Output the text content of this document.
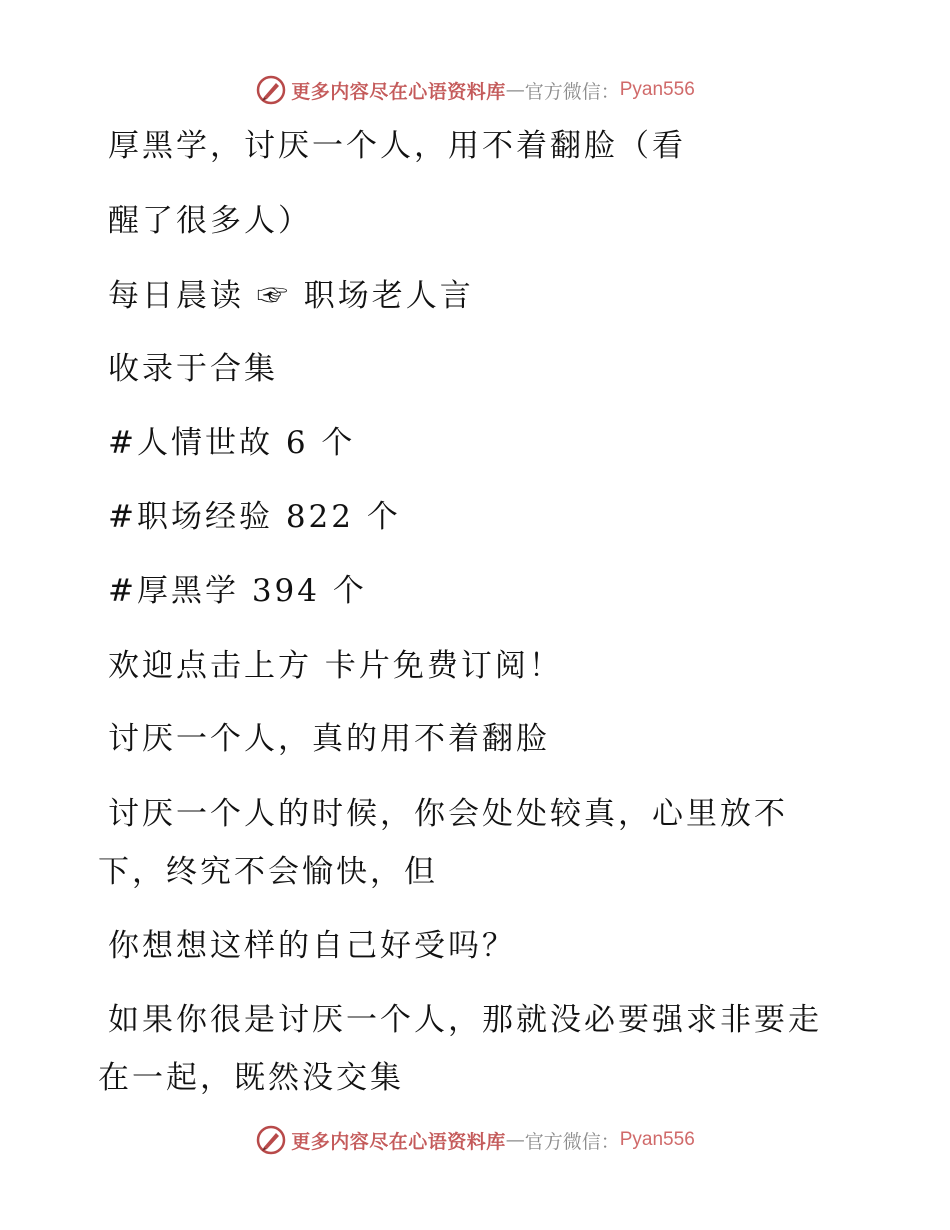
更多内容尽在心语资料库 — 官方微信： Pyan556
厚黑学，讨厌一个人，用不着翻脸（看
醒了很多人）
每日晨读 ☞ 职场老人言
收录于合集
#人情世故 6 个
#职场经验 822 个
#厚黑学 394 个
欢迎点击上方 卡片免费订阅！
讨厌一个人，真的用不着翻脸
讨厌一个人的时候，你会处处较真，心里放不
下，终究不会愉快，但
你想想这样的自己好受吗？
如果你很是讨厌一个人，那就没必要强求非要走
在一起，既然没交集
更多内容尽在心语资料库 — 官方微信： Pyan556
